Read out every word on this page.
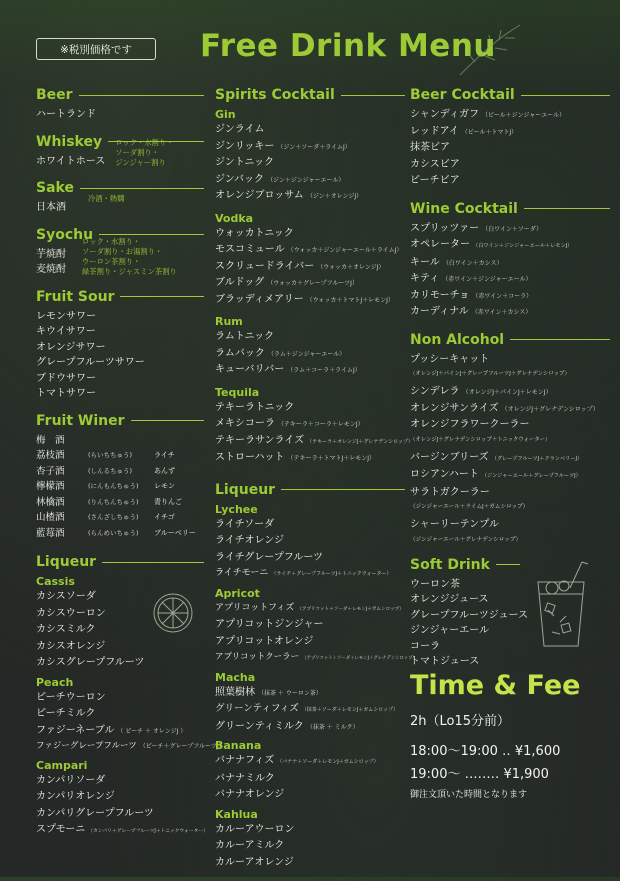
※税別価格です	Free Drink Menu
Beer
ハートランド
Whiskey
ホワイトホース
ロック・水割り・
ソーダ割り・
ジンジャー割り
Sake
日本酒
冷酒・熱燗
Syochu
芋焼酎
麦焼酎
ロック・水割り・
ソーダ割り・お湯割り・
ウーロン茶割り・
緑茶割り・ジャスミン茶割り
Fruit Sour
レモンサワー
キウイサワー
オレンジサワー
グレープフルーツサワー
ブドウサワー
トマトサワー
Fruit Winer
梅　酒
荔枝酒	(らいちちゅう)	ライチ
杏子酒	(しんるちゅう)	あんず
檸檬酒	(にんもんちゅう)	レモン
林檎酒	(りんちんちゅう)	青りんご
山楂酒	(さんざしちゅう)	イチゴ
藍莓酒	(らんめいちゅう)	ブルーベリー
Liqueur
Cassis
カシスソーダ
カシスウーロン
カシスミルク
カシスオレンジ
カシスグレープフルーツ
Peach
ピーチウーロン
ピーチミルク
ファジーネーブル （ ピーチ ＋ オレンジJ ）
ファジーグレープフルーツ （ピーチ＋グレープフルーツJ）
Campari
カンパリソーダ
カンパリオレンジ
カンパリグレープフルーツ
スプモーニ （カンパリ＋グレープフルーツJ＋トニックウォーター）
Spirits Cocktail
Gin
ジンライム
ジンリッキー （ジン＋ソーダ＋ライムJ）
ジントニック
ジンバック （ジン＋ジンジャーエール）
オレンジブロッサム （ジン＋オレンジJ）
Vodka
ウォッカトニック
モスコミュール （ウォッカ＋ジンジャーエール＋ライムJ）
スクリュードライバー （ウォッカ＋オレンジJ）
ブルドッグ （ウォッカ＋グレープフルーツJ）
ブラッディメアリー （ウォッカ＋トマトJ＋レモンJ）
Rum
ラムトニック
ラムバック （ラム＋ジンジャーエール）
キューバリバー （ラム＋コーラ＋ライムJ）
Tequila
テキーラトニック
メキシコーラ （テキーラ＋コーラ＋レモンJ）
テキーラサンライズ （テキーラ＋オレンジJ＋グレナデンシロップ）
ストローハット （テキーラ＋トマトJ＋レモンJ）
Liqueur
Lychee
ライチソーダ
ライチオレンジ
ライチグレープフルーツ
ライチモーニ （ライチ＋グレープフルーツJ＋トニックウォーター）
Apricot
アプリコットフィズ （アプリコット＋ソーダ＋レモンJ＋ガムシロップ）
アプリコットジンジャー
アプリコットオレンジ
アプリコットクーラー （アプリコット＋ソーダ＋レモンJ＋グレナデンシロップ）
Macha
照葉樹林 （抹茶 ＋ ウーロン茶）
グリーンティフィズ （抹茶＋ソーダ＋レモンJ＋ガムシロップ）
グリーンティミルク （抹茶 ＋ ミルク）
Banana
バナナフィズ （バナナ＋ソーダ＋レモンJ＋ガムシロップ）
バナナミルク
バナナオレンジ
Kahlua
カルーアウーロン
カルーアミルク
カルーアオレンジ
Beer Cocktail
シャンディガフ （ビール＋ジンジャーエール）
レッドアイ （ビール＋トマトJ）
抹茶ビア
カシスビア
ピーチビア
Wine Cocktail
スプリッツァー （白ワイン＋ソーダ）
オペレーター （白ワイン＋ジンジャーエール＋レモンJ）
キール （白ワイン＋カシス）
キティ （赤ワイン＋ジンジャーエール）
カリモーチョ （赤ワイン＋コーラ）
カーディナル （赤ワイン＋カシス）
Non Alcohol
プッシーキャット
（オレンジJ＋パインJ＋グレープフルーツJ＋グレナデンシロップ）
シンデレラ （オレンジJ＋パインJ＋レモンJ）
オレンジサンライズ （オレンジJ＋グレナデンシロップ）
オレンジフラワークーラー
（オレンジJ＋グレナデンシロップ＋トニックウォーター）
バージンブリーズ （グレープフルーツJ＋クランベリーJ）
ロシアンハート （ジンジャーエール＋グレープフルーツJ）
サラトガクーラー
（ジンジャーエール＋ライムJ＋ガムシロップ）
シャーリーテンプル
（ジンジャーエール＋グレナデンシロップ）
Soft Drink
ウーロン茶
オレンジジュース
グレープフルーツジュース
ジンジャーエール
コーラ
トマトジュース
Time & Fee
2h（Lo15分前）
18:00〜19:00 ‥ ¥1,600
19:00〜 ‥‥‥‥ ¥1,900
御注文頂いた時間となります
